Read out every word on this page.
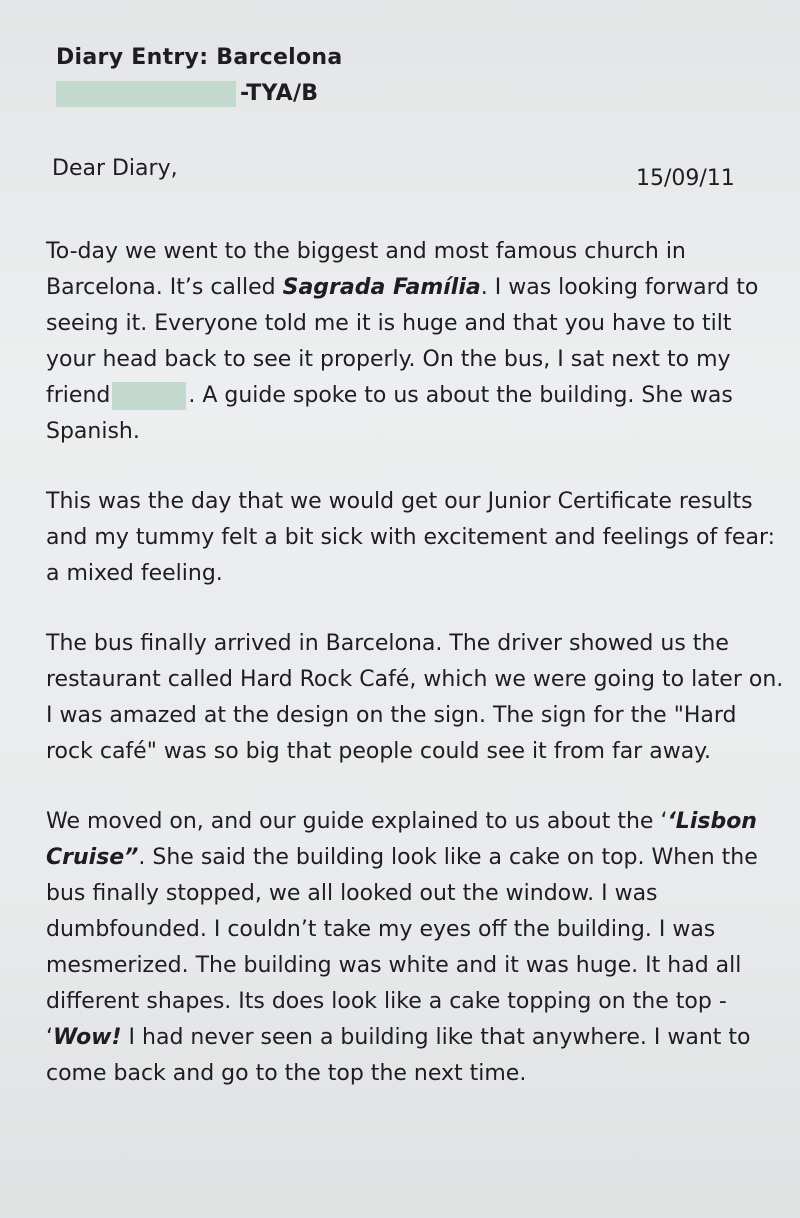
Diary Entry: Barcelona
-TYA/B
Dear Diary,	15/09/11

To-day we went to the biggest and most famous church in Barcelona. It’s called Sagrada Família. I was looking forward to seeing it. Everyone told me it is huge and that you have to tilt your head back to see it properly. On the bus, I sat next to my friend	. A guide spoke to us about the building. She was Spanish.

This was the day that we would get our Junior Certificate results and my tummy felt a bit sick with excitement and feelings of fear: a mixed feeling.

The bus finally arrived in Barcelona. The driver showed us the restaurant called Hard Rock Café, which we were going to later on. I was amazed at the design on the sign. The sign for the "Hard rock café" was so big that people could see it from far away.

We moved on, and our guide explained to us about the ‘‘Lisbon Cruise”. She said the building look like a cake on top. When the bus finally stopped, we all looked out the window. I was dumbfounded. I couldn’t take my eyes off the building. I was mesmerized. The building was white and it was huge. It had all different shapes. Its does look like a cake topping on the top - ‘Wow! I had never seen a building like that anywhere. I want to come back and go to the top the next time.
